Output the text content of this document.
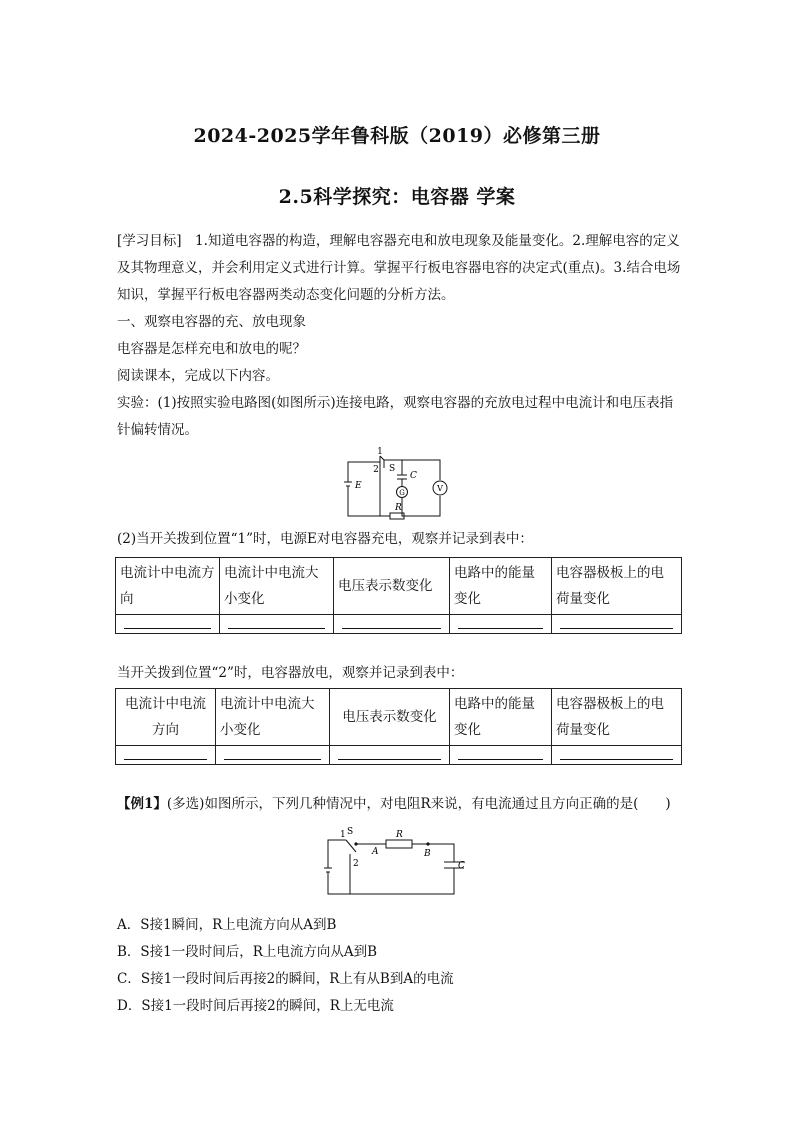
2024-2025学年鲁科版（2019）必修第三册
2.5科学探究：电容器 学案
[学习目标]　1.知道电容器的构造，理解电容器充电和放电现象及能量变化。2.理解电容的定义及其物理意义，并会利用定义式进行计算。掌握平行板电容器电容的决定式(重点)。3.结合电场知识，掌握平行板电容器两类动态变化问题的分析方法。
一、观察电容器的充、放电现象
电容器是怎样充电和放电的呢？
阅读课本，完成以下内容。
实验：(1)按照实验电路图(如图所示)连接电路，观察电容器的充放电过程中电流计和电压表指针偏转情况。
1
2 S
C
E
R
G	V
(2)当开关拨到位置“1”时，电源E对电容器充电，观察并记录到表中：
电流计中电流方向	电流计中电流大小变化	电压表示数变化	电路中的能量变化	电容器极板上的电荷量变化

当开关拨到位置“2”时，电容器放电，观察并记录到表中：
电流计中电流方向	电流计中电流大小变化	电压表示数变化	电路中的能量变化	电容器极板上的电荷量变化

【例1】(多选)如图所示，下列几种情况中，对电阻R来说，有电流通过且方向正确的是(　　)
1
2
S	R
A	B
C
A．S接1瞬间，R上电流方向从A到B
B．S接1一段时间后，R上电流方向从A到B
C．S接1一段时间后再接2的瞬间，R上有从B到A的电流
D．S接1一段时间后再接2的瞬间，R上无电流
